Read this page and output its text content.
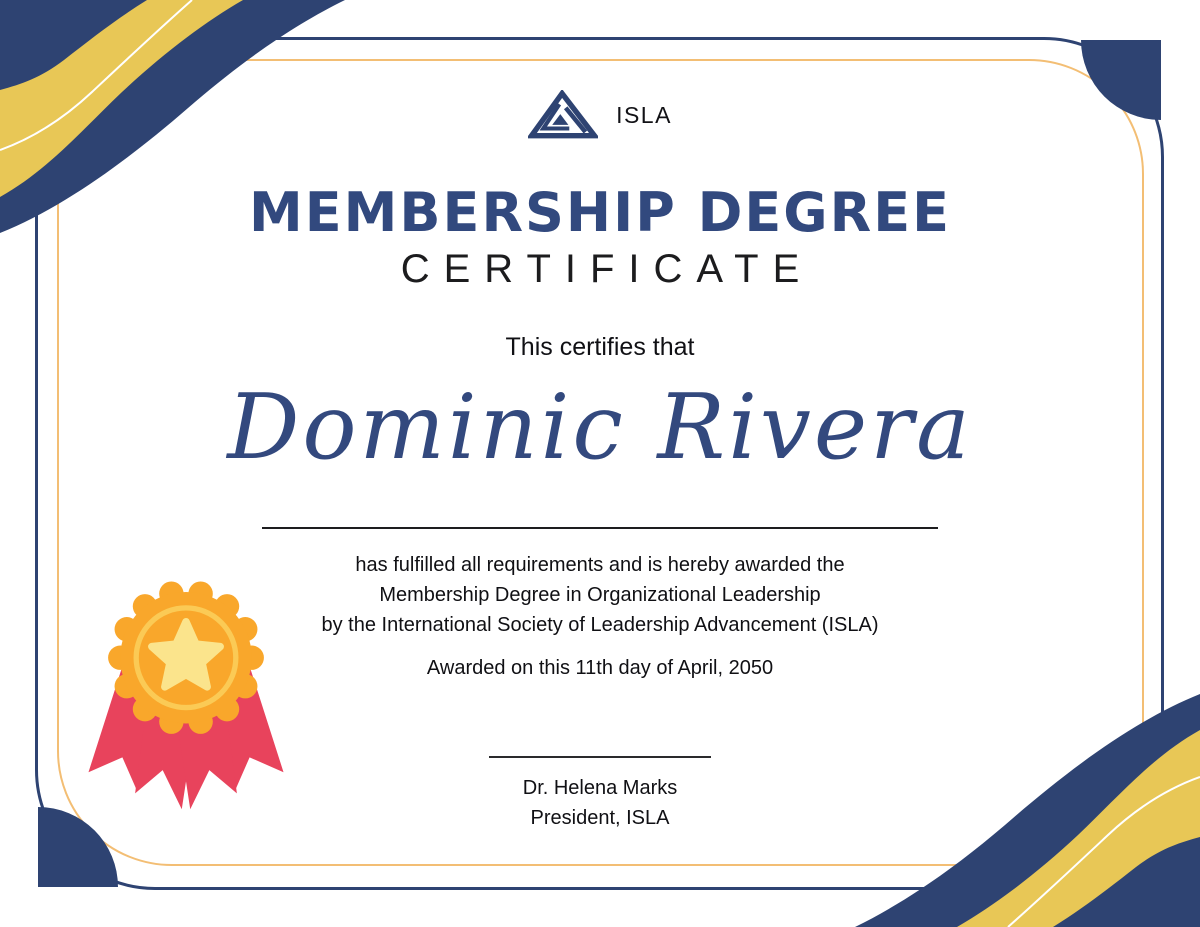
ISLA
MEMBERSHIP DEGREE
CERTIFICATE
This certifies that
Dominic Rivera

has fulfilled all requirements and is hereby awarded the

Membership Degree in Organizational Leadership

by the International Society of Leadership Advancement (ISLA)

Awarded on this 11th day of April, 2050
Dr. Helena Marks
President, ISLA
